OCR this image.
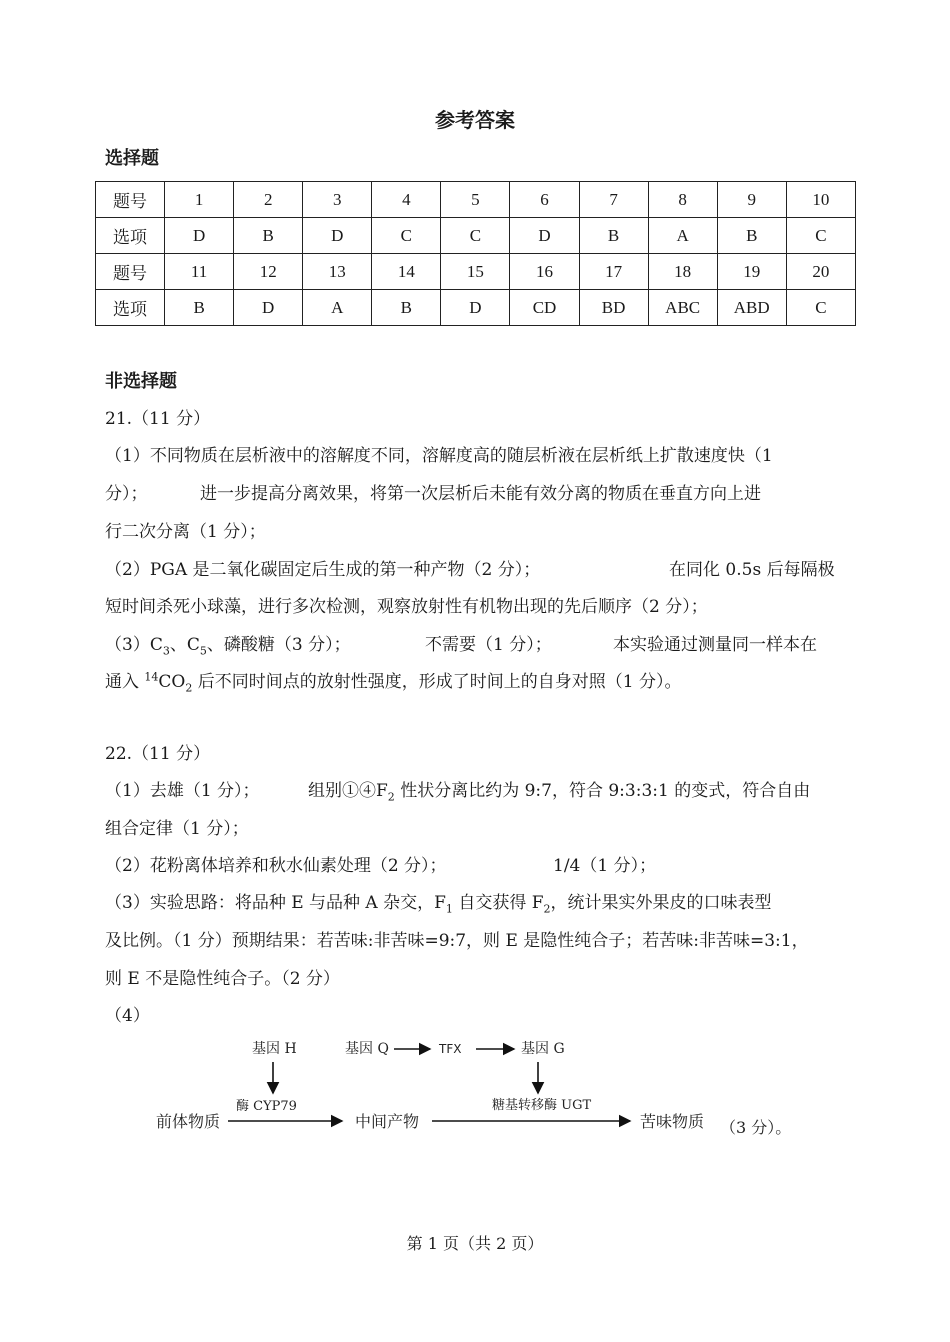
参考答案
选择题
题号	1	2	3	4	5	6	7	8	9	10
选项	D	B	D	C	C	D	B	A	B	C
题号	11	12	13	14	15	16	17	18	19	20
选项	B	D	A	B	D	CD	BD	ABC	ABD	C
非选择题
21.（11 分）
（1）不同物质在层析液中的溶解度不同，溶解度高的随层析液在层析纸上扩散速度快（1
分）；	进一步提高分离效果，将第一次层析后未能有效分离的物质在垂直方向上进
行二次分离（1 分）；
（2）PGA 是二氧化碳固定后生成的第一种产物（2 分）；	在同化 0.5s 后每隔极
短时间杀死小球藻，进行多次检测，观察放射性有机物出现的先后顺序（2 分）；
$(3)C_3$、$C_5$、磷酸糖（3 分）；	不需要（1 分）；	本实验通过测量同一样本在
通入 $^{14}CO_2$ 后不同时间点的放射性强度，形成了时间上的自身对照（1 分）。
22.（11 分）
（1）去雄（1 分）；	组别$①④F_2$ 性状分离比约为 9:7，符合 9:3:3:1 的变式，符合自由
组合定律（1 分）；
（2）花粉离体培养和秋水仙素处理（2 分）；	1/4（1 分）；
（3）实验思路：将品种 E 与品种 A 杂交，$F_1$ 自交获得 $F_2$，统计果实外果皮的口味表型
及比例。（1 分）预期结果：若苦味:非苦味=9:7，则 E 是隐性纯合子；若苦味:非苦味=3:1，
则 E 不是隐性纯合子。（2 分）
（4）
基因 H	基因 Q	TFX	基因 G
酶 CYP79	糖基转移酶 UGT
前体物质	中间产物	苦味物质 （3 分）。
第 1 页（共 2 页）
